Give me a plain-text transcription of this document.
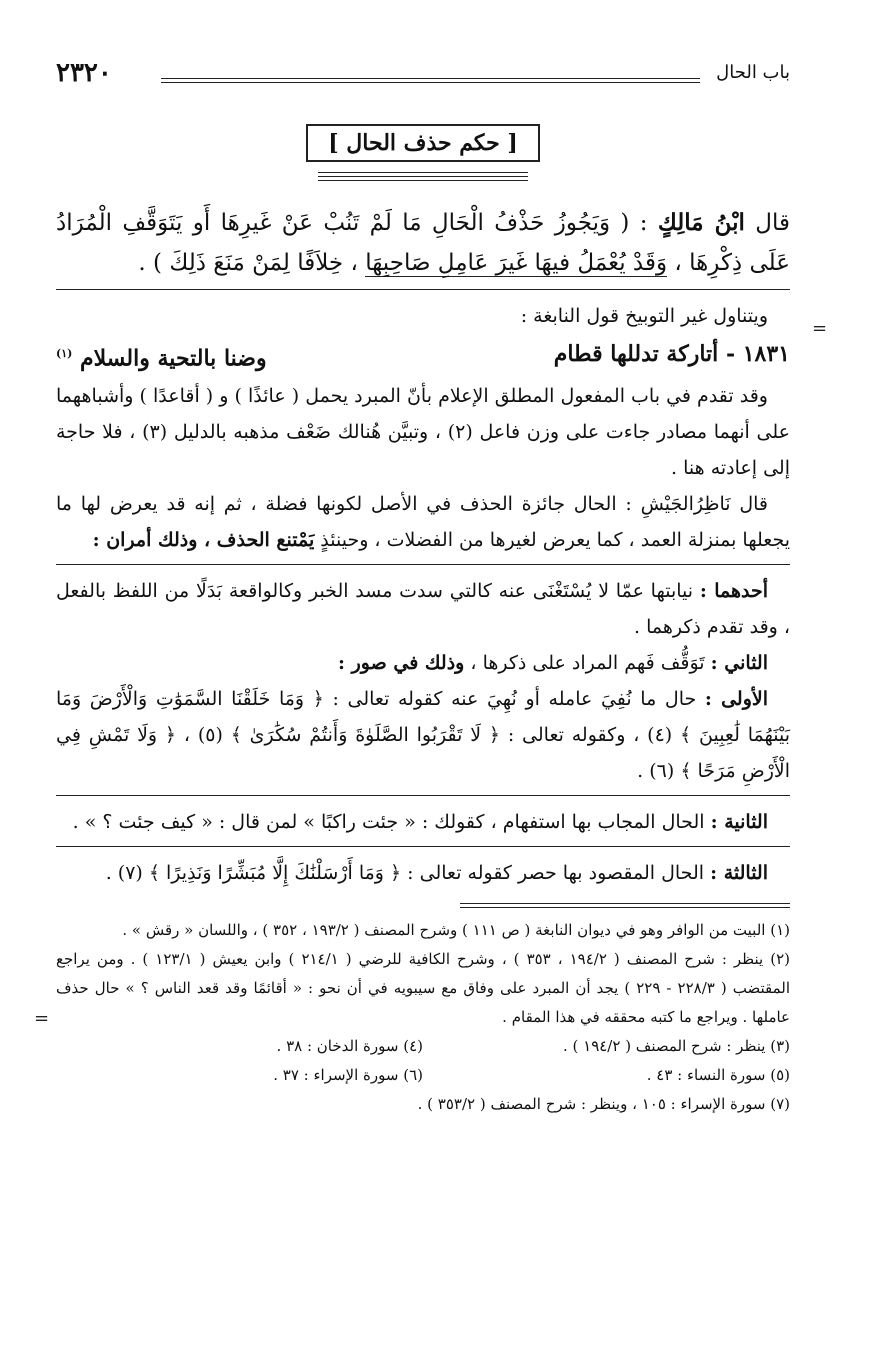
٢٣٢٠	باب الحال
[ حكم حذف الحال ]
قال ابْنُ مَالِكٍ : ( وَيَجُوزُ حَذْفُ الْحَالِ مَا لَمْ تَنُبْ عَنْ غَيرِهَا أَو يَتَوَقَّفِ الْمُرَادُ عَلَى ذِكْرِهَا ، وَقَدْ يُعْمَلُ فيهَا غَيرَ عَامِلِ صَاحِبِهَا ، خِلاَفًا لِمَنْ مَنَعَ ذَلِكَ ) .

ويتناول غير التوبيخ قول النابغة :

١٨٣١ - أتاركة تدللها قطام
وضنا بالتحية والسلام $^{(١)}$

وقد تقدم في باب المفعول المطلق الإعلام بأنّ المبرد يحمل ( عائذًا ) و ( أقاعدًا ) وأشباههما على أنهما مصادر جاءت على وزن فاعل (٢) ، وتبيَّن هُنالك ضَعْف مذهبه بالدليل (٣) ، فلا حاجة إلى إعادته هنا .

قال نَاظِرُالجَيْشِ : الحال جائزة الحذف في الأصل لكونها فضلة ، ثم إنه قد يعرض لها ما يجعلها بمنزلة العمد ، كما يعرض لغيرها من الفضلات ، وحينئذٍ يَمْتنع الحذف ، وذلك أمران :

أحدهما : نيابتها عمّا لا يُسْتَغْنَى عنه كالتي سدت مسد الخبر وكالواقعة بَدَلًا من اللفظ بالفعل ، وقد تقدم ذكرهما .

الثاني : تَوَقُّف فَهم المراد على ذكرها ، وذلك في صور :

الأولى : حال ما نُفِيَ عامله أو نُهِيَ عنه كقوله تعالى : ﴿ وَمَا خَلَقْنَا السَّمَوَٰتِ وَالْأَرْضَ وَمَا بَيْنَهُمَا لَٰعِبِينَ ﴾ (٤) ، وكقوله تعالى : ﴿ لَا تَقْرَبُوا الصَّلَوٰةَ وَأَنتُمْ سُكَٰرَىٰ ﴾ (٥) ، ﴿ وَلَا تَمْشِ فِي الْأَرْضِ مَرَحًا ﴾ (٦) .

الثانية : الحال المجاب بها استفهام ، كقولك : « جئت راكبًا » لمن قال : « كيف جئت ؟ » .

الثالثة : الحال المقصود بها حصر كقوله تعالى : ﴿ وَمَا أَرْسَلْنَٰكَ إِلَّا مُبَشِّرًا وَنَذِيرًا ﴾ (٧) .

(١) البيت من الوافر وهو في ديوان النابغة ( ص ١١١ ) وشرح المصنف ( ١٩٣/٢ ، ٣٥٢ ) ، واللسان « رقش » .

(٢) ينظر : شرح المصنف ( ١٩٤/٢ ، ٣٥٣ ) ، وشرح الكافية للرضي ( ٢١٤/١ ) وابن يعيش ( ١٢٣/١ ) . ومن يراجع المقتضب ( ٢٢٨/٣ - ٢٢٩ ) يجد أن المبرد على وفاق مع سيبويه في أن نحو : « أقائمًا وقد قعد الناس ؟ » حال حذف عاملها . ويراجع ما كتبه محققه في هذا المقام .

(٣) ينظر : شرح المصنف ( ١٩٤/٢ ) .
(٤) سورة الدخان : ٣٨ .
(٥) سورة النساء : ٤٣ .
(٦) سورة الإسراء : ٣٧ .

(٧) سورة الإسراء : ١٠٥ ، وينظر : شرح المصنف ( ٣٥٣/٢ ) .

=
=
